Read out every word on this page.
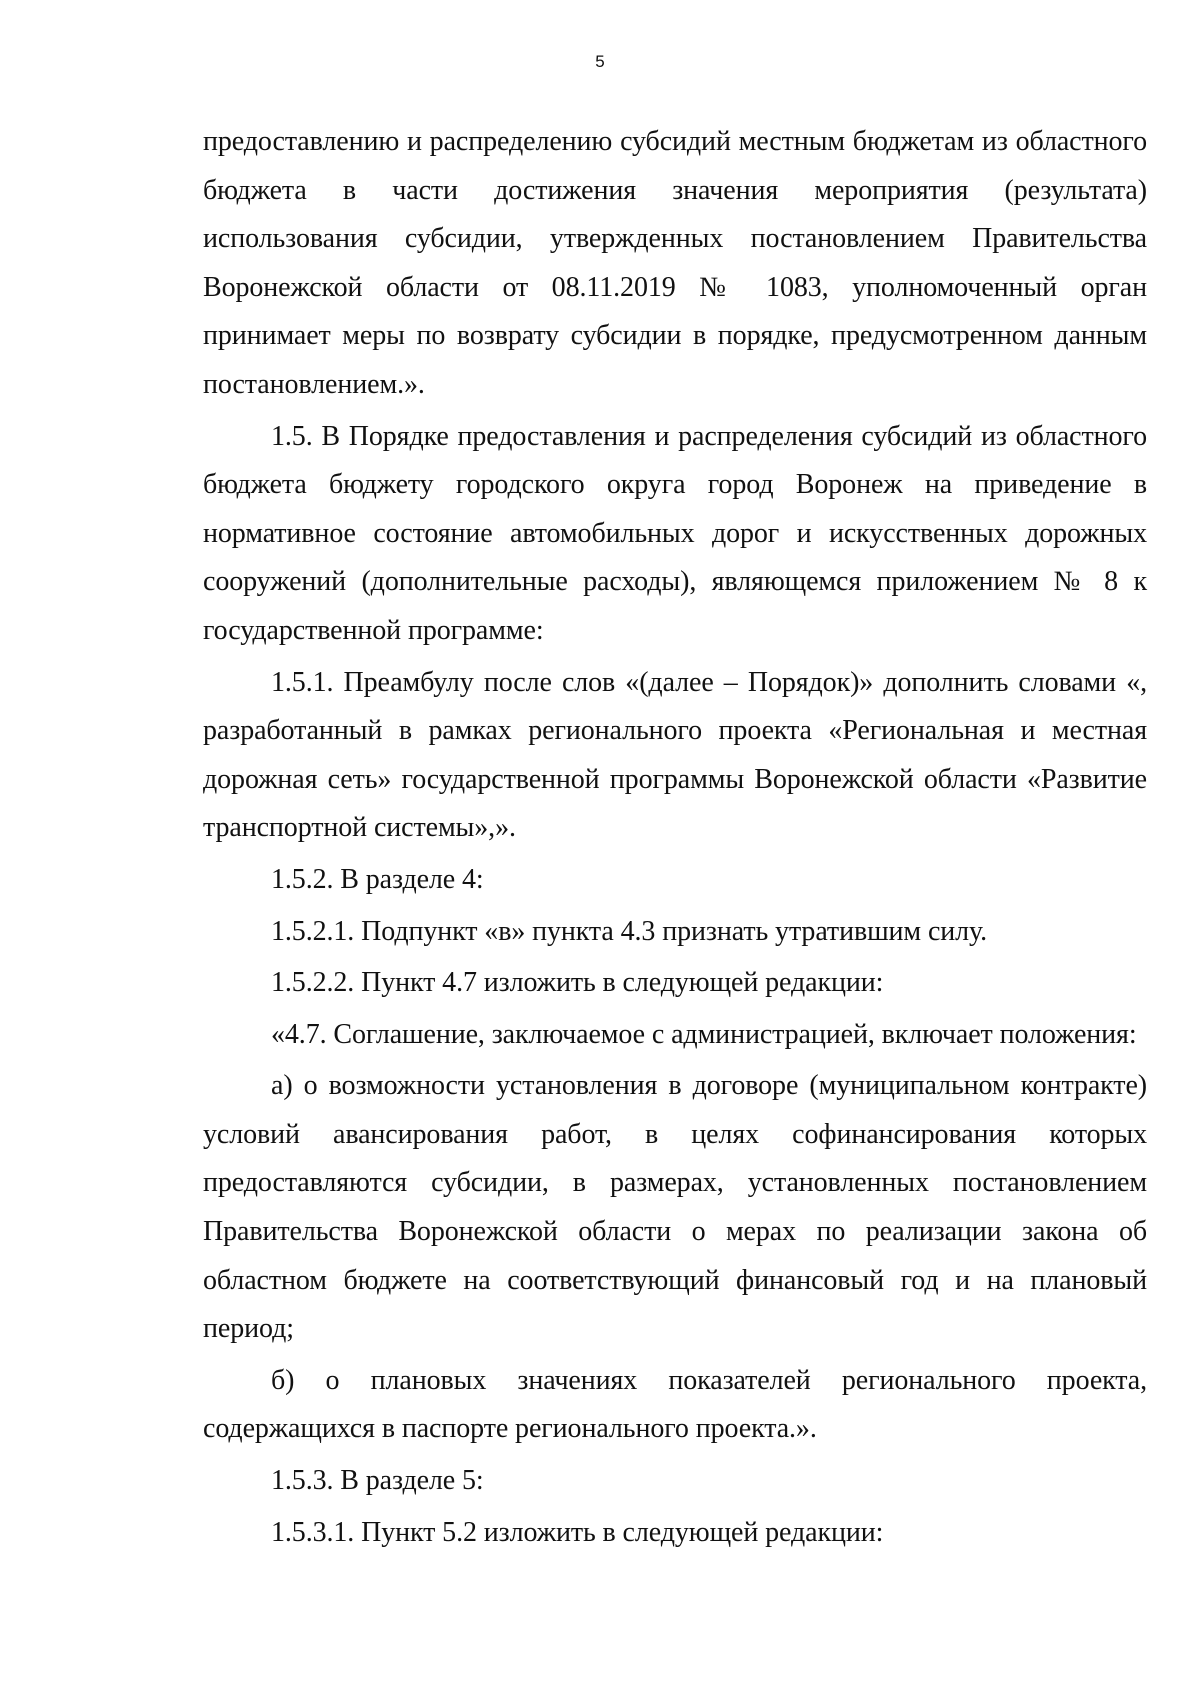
5

предоставлению и распределению субсидий местным бюджетам из областного бюджета в части достижения значения мероприятия (результата) использования субсидии, утвержденных постановлением Правительства Воронежской области от 08.11.2019 № 1083, уполномоченный орган принимает меры по возврату субсидии в порядке, предусмотренном данным постановлением.».

1.5. В Порядке предоставления и распределения субсидий из областного бюджета бюджету городского округа город Воронеж на приведение в нормативное состояние автомобильных дорог и искусственных дорожных сооружений (дополнительные расходы), являющемся приложением № 8 к государственной программе:

1.5.1. Преамбулу после слов «(далее – Порядок)» дополнить словами «, разработанный в рамках регионального проекта «Региональная и местная дорожная сеть» государственной программы Воронежской области «Развитие транспортной системы»,».

1.5.2. В разделе 4:

1.5.2.1. Подпункт «в» пункта 4.3 признать утратившим силу.

1.5.2.2. Пункт 4.7 изложить в следующей редакции:

«4.7. Соглашение, заключаемое с администрацией, включает положения:

а) о возможности установления в договоре (муниципальном контракте) условий авансирования работ, в целях софинансирования которых предоставляются субсидии, в размерах, установленных постановлением Правительства Воронежской области о мерах по реализации закона об областном бюджете на соответствующий финансовый год и на плановый период;

б) о плановых значениях показателей регионального проекта, содержащихся в паспорте регионального проекта.».

1.5.3. В разделе 5:

1.5.3.1. Пункт 5.2 изложить в следующей редакции:
